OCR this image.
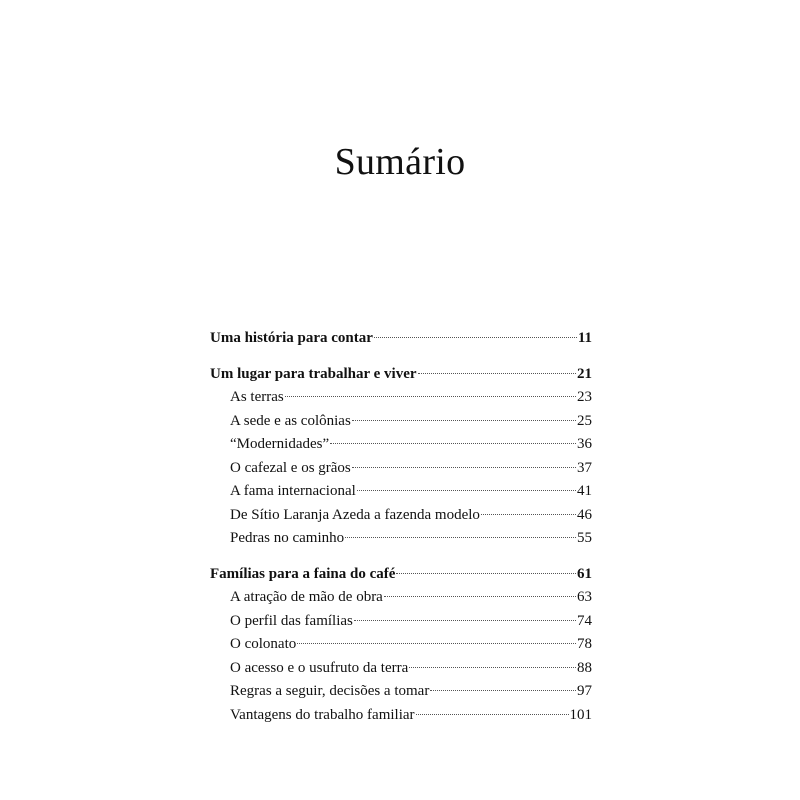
Sumário
Uma história para contar	11
Um lugar para trabalhar e viver	21
As terras	23
A sede e as colônias	25
“Modernidades”	36
O cafezal e os grãos	37
A fama internacional	41
De Sítio Laranja Azeda a fazenda modelo	46
Pedras no caminho	55
Famílias para a faina do café	61
A atração de mão de obra	63
O perfil das famílias	74
O colonato	78
O acesso e o usufruto da terra	88
Regras a seguir, decisões a tomar	97
Vantagens do trabalho familiar	101
